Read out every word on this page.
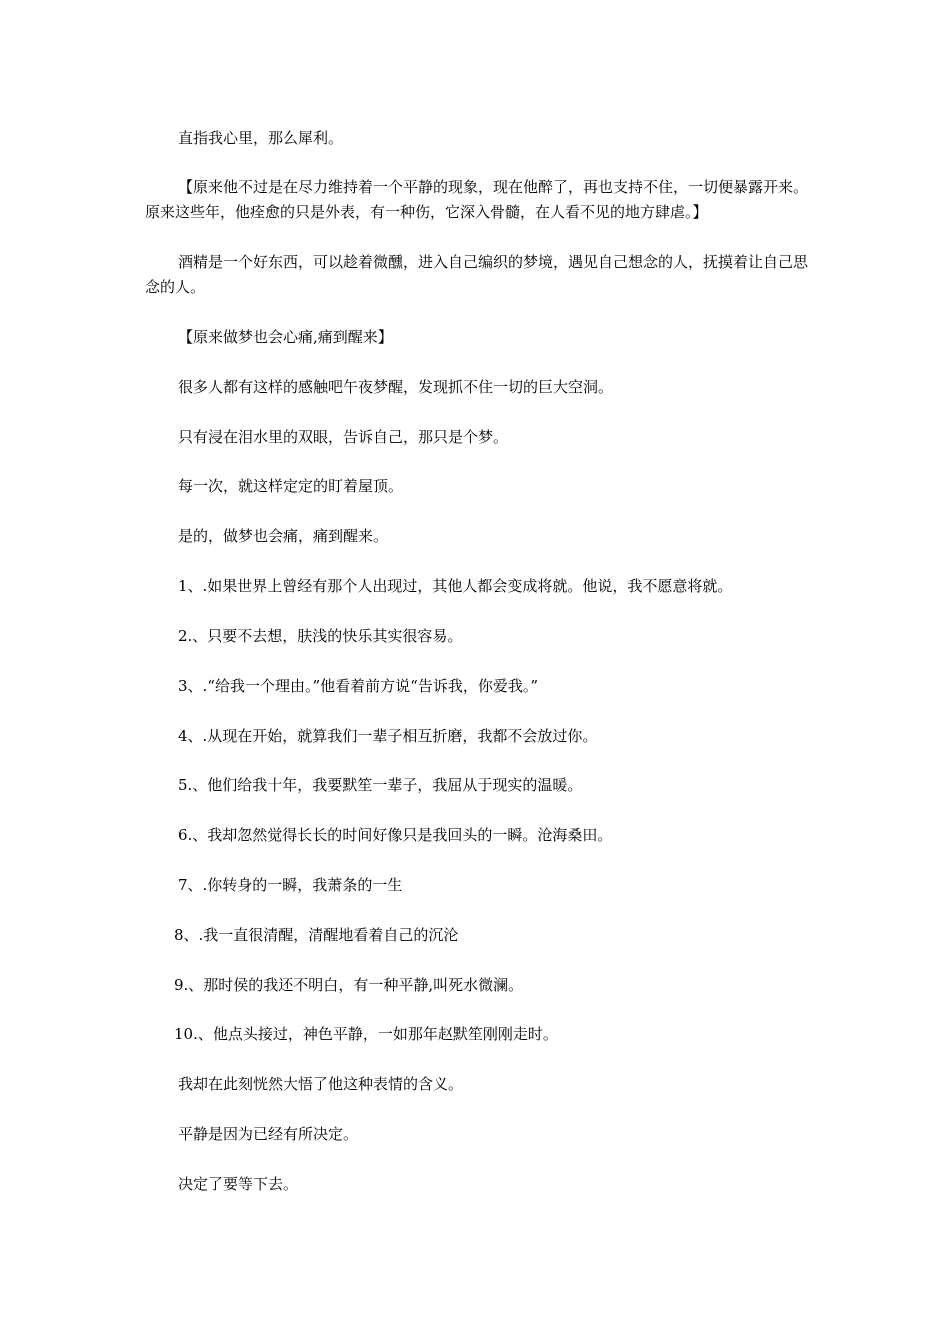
直指我心里，那么犀利。

【原来他不过是在尽力维持着一个平静的现象，现在他醉了，再也支持不住，一切便暴露开来。原来这些年，他痊愈的只是外表，有一种伤，它深入骨髓，在人看不见的地方肆虐。】

酒精是一个好东西，可以趁着微醺，进入自己编织的梦境，遇见自己想念的人，抚摸着让自己思念的人。

【原来做梦也会心痛,痛到醒来】

很多人都有这样的感触吧午夜梦醒，发现抓不住一切的巨大空洞。

只有浸在泪水里的双眼，告诉自己，那只是个梦。

每一次，就这样定定的盯着屋顶。

是的，做梦也会痛，痛到醒来。

1、.如果世界上曾经有那个人出现过，其他人都会变成将就。他说，我不愿意将就。

2.、只要不去想，肤浅的快乐其实很容易。

3、.“给我一个理由。”他看着前方说“告诉我，你爱我。”

4、.从现在开始，就算我们一辈子相互折磨，我都不会放过你。

5.、他们给我十年，我要默笙一辈子，我屈从于现实的温暖。

6.、我却忽然觉得长长的时间好像只是我回头的一瞬。沧海桑田。

7、.你转身的一瞬，我萧条的一生

8、.我一直很清醒，清醒地看着自己的沉沦

9.、那时侯的我还不明白，有一种平静,叫死水微澜。

10.、他点头接过，神色平静，一如那年赵默笙刚刚走时。

我却在此刻恍然大悟了他这种表情的含义。

平静是因为已经有所决定。

决定了要等下去。
